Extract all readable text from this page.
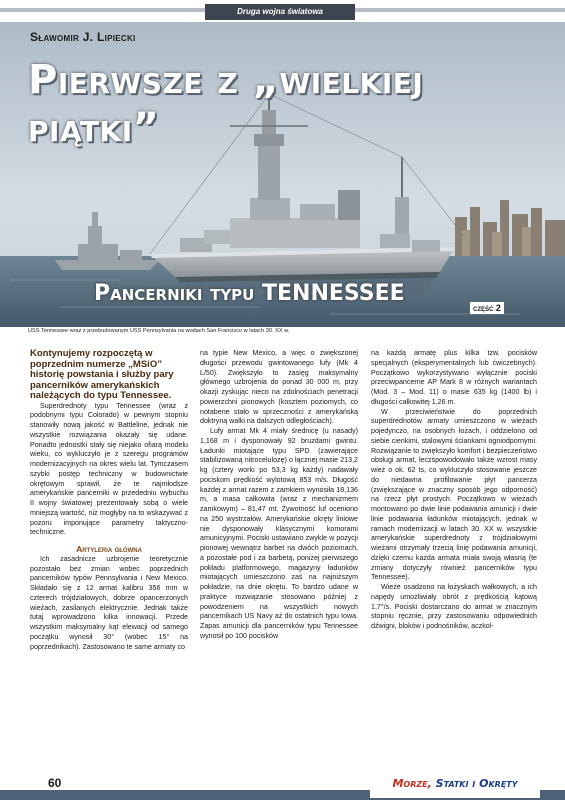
Druga wojna światowa
Sławomir J. Lipiecki
Pierwsze z „wielkiej
piątki”
Pancerniki typu TENNESSEE
część 2
USS Tennessee wraz z przebudowanym USS Pennsylvania na wodach San Francisco w latach 30. XX w.

Kontynujemy rozpoczętą w poprzednim numerze „MSiO” historię powstania i służby pary pancerników amerykańskich należących do typu Tennessee.

Superdrednoty typu Tennessee (wraz z podobnymi typu Colorado) w pewnym stopniu stanowiły nową jakość w Battleline, jednak nie wszystkie rozwiązania okazały się udane. Ponadto jednostki stały się niejako ofiarą modelu wieku, co wykluczyło je z szeregu programów modernizacyjnych na okres wielu lat. Tymczasem szybki postęp techniczny w budownictwie okrętowym sprawił, że te najmłodsze amerykańskie pancerniki w przededniu wybuchu II wojny światowej prezentowały sobą o wiele mniejszą wartość, niż mogłyby na to wskazywać z pozoru imponujące parametry taktyczno-techniczne.

Artyleria główna

Ich zasadnicze uzbrojenie teoretycznie pozostało bez zmian wobec poprzednich pancerników typów Pennsylvania i New Mexico. Składało się z 12 armat kalibru 356 mm w czterech trójdziałowych, dobrze opancerzonych wieżach, zasilanych elektrycznie. Jednak także tutaj wprowadzono kilka innowacji. Przede wszystkim maksymalny kąt elewacji od samego początku wynosił 30° (wobec 15° na poprzednikach). Zastosowano te same armaty co

na typie New Mexico, a więc o zwiększonej długości przewodu gwintowanego lufy (Mk 4 L/50). Zwiększyło to zasięg maksymalny głównego uzbrojenia do ponad 30 000 m, przy okazji zyskując nieco na zdolnościach penetracji powierzchni pionowych (kosztem poziomych, co notabene stało w sprzeczności z amerykańską doktryną walki na dalszych odległościach).

Lufy armat Mk 4 miały średnicę (u nasady) 1,168 m i dysponowały 92 bruzdami gwintu. Ładunki miotające typu SPD (zawierające stabilizowaną nitrocelulozę) o łącznej masie 213,2 kg (cztery worki po 53,3 kg każdy) nadawały pociskom prędkość wylotową 853 m/s. Długość każdej z armat razem z zamkiem wynosiła 18,136 m, a masa całkowita (wraz z mechanizmem zamkowym) – 81,47 mt. Żywotność luf oceniono na 250 wystrzałów. Amerykańskie okręty liniowe nie dysponowały klasycznymi komorami amunicyjnymi. Pociski ustawiano zwykle w pozycji pionowej wewnątrz barbet na dwóch poziomach, a pozostałe pod i za barbetą, poniżej pierwszego pokładu platformowego, magazyny ładunków miotających umieszczono zaś na najniższym pokładzie, na dnie okrętu. To bardzo udane w praktyce rozwiązanie stosowano później z powodzeniem na wszystkich nowych pancernikach US Navy aż do ostatnich typu Iowa. Zapas amunicji dla pancerników typu Tennessee wynosił po 100 pocisków

na każdą armatę plus kilka tzw. pocisków specjalnych (eksperymentalnych lub ćwiczebnych). Początkowo wykorzystywano wyłącznie pociski przeciwpancerne AP Mark 8 w różnych wariantach (Mod. 3 – Mod. 11) o masie 635 kg (1400 lb) i długości całkowitej 1,26 m.

W przeciwieństwie do poprzednich superdrednotów armaty umieszczono w wieżach pojedynczo, na osobnych łożach, i oddzielono od siebie cienkimi, stalowymi ściankami ogniodpornymi. Rozwiązanie to zwiększyło komfort i bezpieczeństwo obsługi armat, leczspowodowało także wzrost masy wież o ok. 62 ts, co wykluczyło stosowane jeszcze do niedawna profilowanie płyt pancerza (zwiększające w znaczny sposób jego odporność) na rzecz płyt prostych. Początkowo w wieżach montowano po dwie linie podawania amunicji i dwie linie podawania ładunków miotających, jednak w ramach modernizacji w latach 30. XX w. wszystkie amerykańskie superdrednoty z trójdziałowymi wieżami otrzymały trzecią linię podawania amunicji, dzięki czemu każda armata miała swoją własną (te zmiany dotyczyły również pancerników typu Tennessee).

Wieże osadzono na łożyskach wałkowych, a ich napędy umożliwiały obrót z prędkością kątową 1,7°/s. Pociski dostarczano do armat w znacznym stopniu ręcznie, przy zastosowaniu odpowiednich dźwigni, bloków i podnośników, aczkol-

60	Morze, Statki i Okręty
